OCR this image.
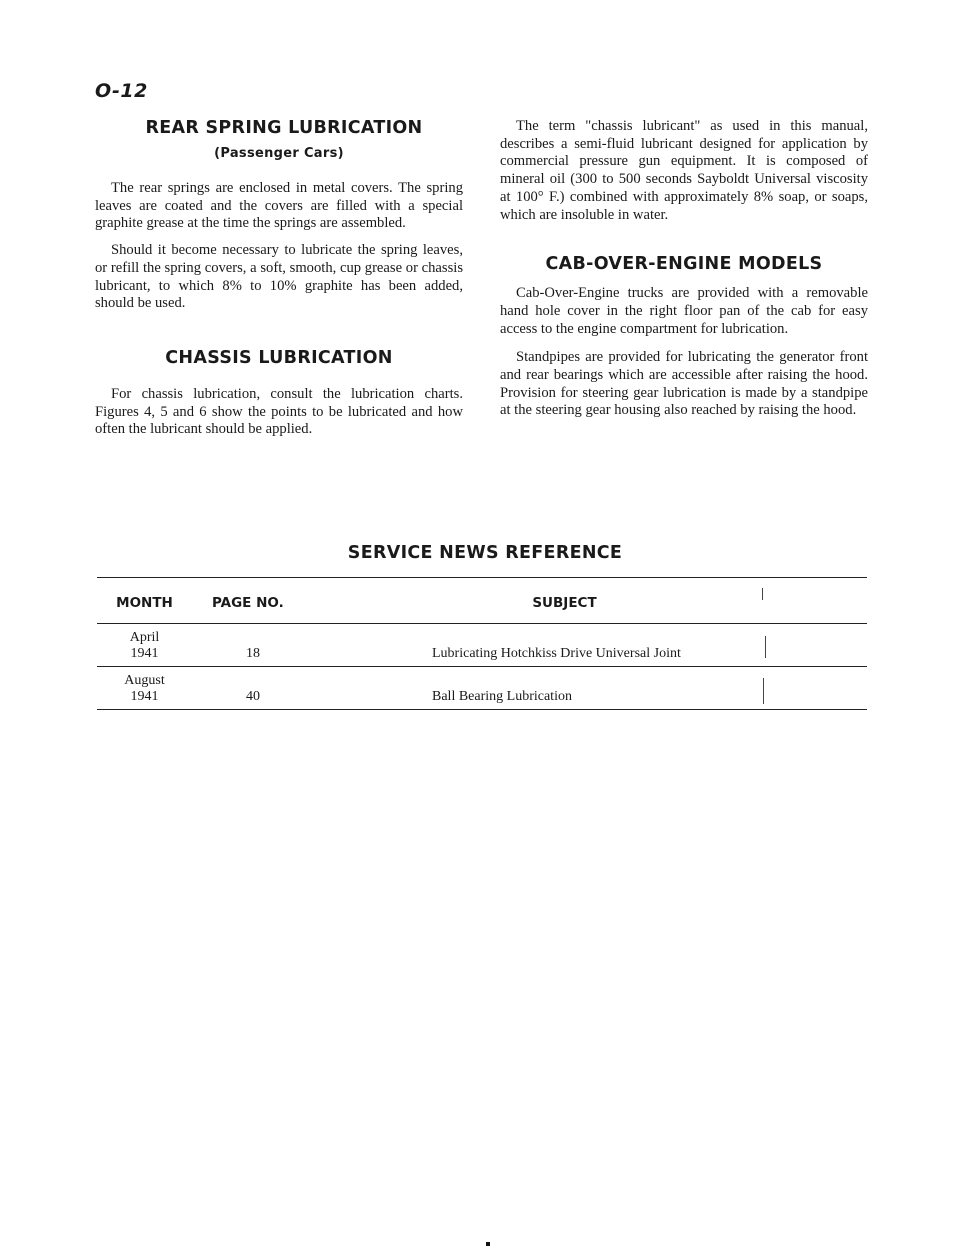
O-12
REAR SPRING LUBRICATION
(Passenger Cars)

The rear springs are enclosed in metal covers. The spring leaves are coated and the covers are filled with a special graphite grease at the time the springs are assembled.

Should it become necessary to lubricate the spring leaves, or refill the spring covers, a soft, smooth, cup grease or chassis lubricant, to which 8% to 10% graphite has been added, should be used.

CHASSIS LUBRICATION

For chassis lubrication, consult the lubrication charts. Figures 4, 5 and 6 show the points to be lubricated and how often the lubricant should be applied.

The term "chassis lubricant" as used in this manual, describes a semi-fluid lubricant designed for application by commercial pressure gun equipment. It is composed of mineral oil (300 to 500 seconds Sayboldt Universal viscosity at 100° F.) combined with approximately 8% soap, or soaps, which are insoluble in water.

CAB-OVER-ENGINE MODELS

Cab-Over-Engine trucks are provided with a removable hand hole cover in the right floor pan of the cab for easy access to the engine compartment for lubrication.

Standpipes are provided for lubricating the generator front and rear bearings which are accessible after raising the hood. Provision for steering gear lubrication is made by a standpipe at the steering gear housing also reached by raising the hood.

SERVICE NEWS REFERENCE
MONTH	PAGE NO.	SUBJECT

April
1941	18	Lubricating Hotchkiss Drive Universal Joint

August
1941	40	Ball Bearing Lubrication
